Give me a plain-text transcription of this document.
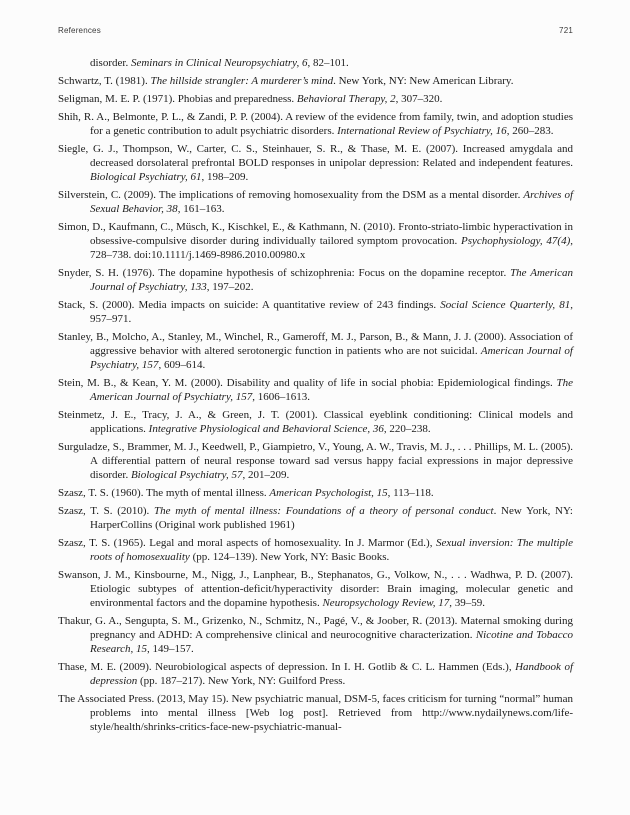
References	721

disorder. Seminars in Clinical Neuropsychiatry, 6, 82–101.

Schwartz, T. (1981). The hillside strangler: A murderer’s mind. New York, NY: New American Library.

Seligman, M. E. P. (1971). Phobias and preparedness. Behavioral Therapy, 2, 307–320.

Shih, R. A., Belmonte, P. L., & Zandi, P. P. (2004). A review of the evidence from family, twin, and adoption studies for a genetic contribution to adult psychiatric disorders. International Review of Psychiatry, 16, 260–283.

Siegle, G. J., Thompson, W., Carter, C. S., Steinhauer, S. R., & Thase, M. E. (2007). Increased amygdala and decreased dorsolateral prefrontal BOLD responses in unipolar depression: Related and independent features. Biological Psychiatry, 61, 198–209.

Silverstein, C. (2009). The implications of removing homosexuality from the DSM as a mental disorder. Archives of Sexual Behavior, 38, 161–163.

Simon, D., Kaufmann, C., Müsch, K., Kischkel, E., & Kathmann, N. (2010). Fronto-striato-limbic hyperactivation in obsessive-compulsive disorder during individually tailored symptom provocation. Psychophysiology, 47(4), 728–738. doi:10.1111/j.1469-8986.2010.00980.x

Snyder, S. H. (1976). The dopamine hypothesis of schizophrenia: Focus on the dopamine receptor. The American Journal of Psychiatry, 133, 197–202.

Stack, S. (2000). Media impacts on suicide: A quantitative review of 243 findings. Social Science Quarterly, 81, 957–971.

Stanley, B., Molcho, A., Stanley, M., Winchel, R., Gameroff, M. J., Parson, B., & Mann, J. J. (2000). Association of aggressive behavior with altered serotonergic function in patients who are not suicidal. American Journal of Psychiatry, 157, 609–614.

Stein, M. B., & Kean, Y. M. (2000). Disability and quality of life in social phobia: Epidemiological findings. The American Journal of Psychiatry, 157, 1606–1613.

Steinmetz, J. E., Tracy, J. A., & Green, J. T. (2001). Classical eyeblink conditioning: Clinical models and applications. Integrative Physiological and Behavioral Science, 36, 220–238.

Surguladze, S., Brammer, M. J., Keedwell, P., Giampietro, V., Young, A. W., Travis, M. J., . . . Phillips, M. L. (2005). A differential pattern of neural response toward sad versus happy facial expressions in major depressive disorder. Biological Psychiatry, 57, 201–209.

Szasz, T. S. (1960). The myth of mental illness. American Psychologist, 15, 113–118.

Szasz, T. S. (2010). The myth of mental illness: Foundations of a theory of personal conduct. New York, NY: HarperCollins (Original work published 1961)

Szasz, T. S. (1965). Legal and moral aspects of homosexuality. In J. Marmor (Ed.), Sexual inversion: The multiple roots of homosexuality (pp. 124–139). New York, NY: Basic Books.

Swanson, J. M., Kinsbourne, M., Nigg, J., Lanphear, B., Stephanatos, G., Volkow, N., . . . Wadhwa, P. D. (2007). Etiologic subtypes of attention-deficit/hyperactivity disorder: Brain imaging, molecular genetic and environmental factors and the dopamine hypothesis. Neuropsychology Review, 17, 39–59.

Thakur, G. A., Sengupta, S. M., Grizenko, N., Schmitz, N., Pagé, V., & Joober, R. (2013). Maternal smoking during pregnancy and ADHD: A comprehensive clinical and neurocognitive characterization. Nicotine and Tobacco Research, 15, 149–157.

Thase, M. E. (2009). Neurobiological aspects of depression. In I. H. Gotlib & C. L. Hammen (Eds.), Handbook of depression (pp. 187–217). New York, NY: Guilford Press.

The Associated Press. (2013, May 15). New psychiatric manual, DSM-5, faces criticism for turning “normal” human problems into mental illness [Web log post]. Retrieved from http://www.nydailynews.com/life-style/health/shrinks-critics-face-new-psychiatric-manual-
